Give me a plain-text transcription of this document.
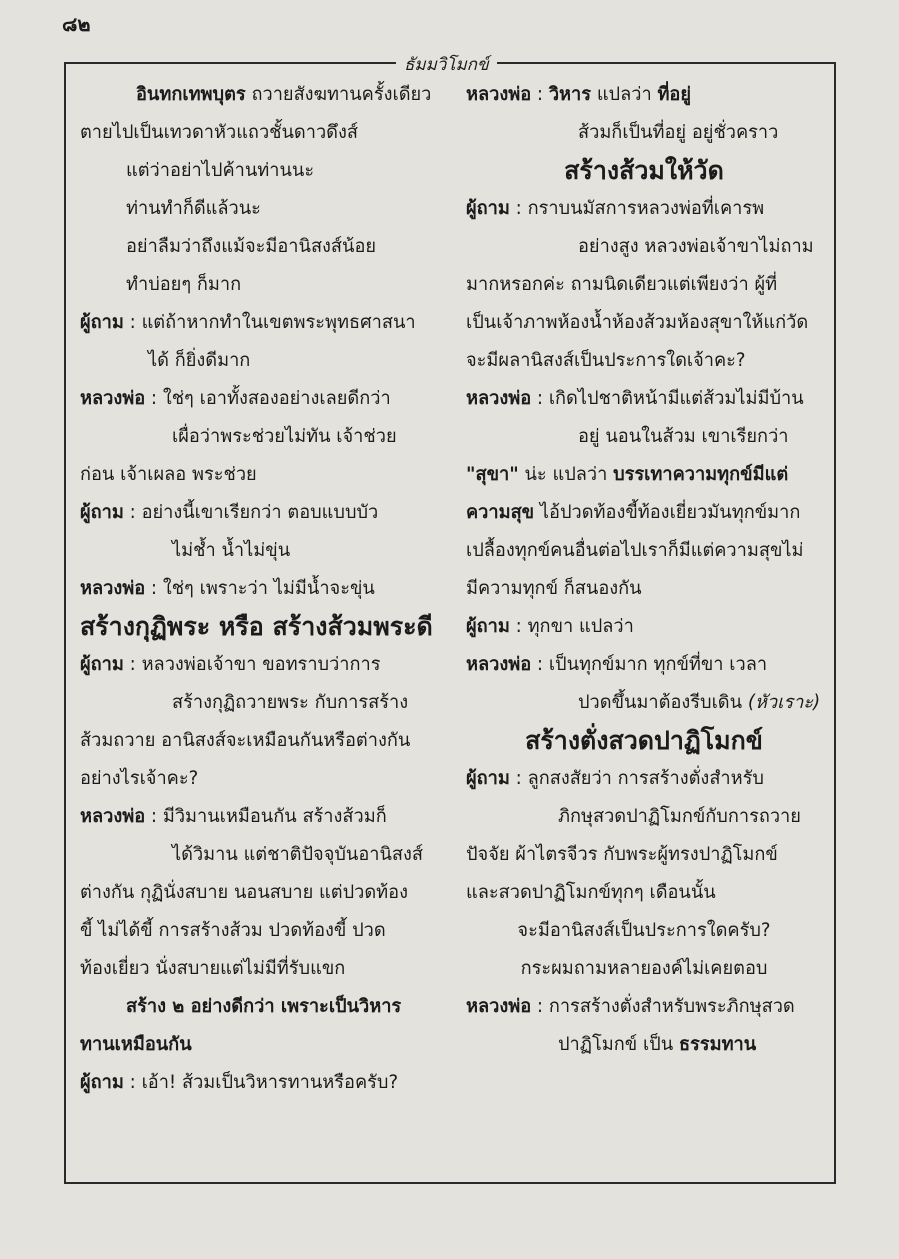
๘๒
ธัมมวิโมกข์

อินทกเทพบุตร ถวายสังฆทานครั้งเดียว

ตายไปเป็นเทวดาหัวแถวชั้นดาวดึงส์

แต่ว่าอย่าไปค้านท่านนะ

ท่านทำก็ดีแล้วนะ

อย่าลืมว่าถึงแม้จะมีอานิสงส์น้อย

ทำบ่อยๆ ก็มาก

ผู้ถาม : แต่ถ้าหากทำในเขตพระพุทธศาสนา

ได้ ก็ยิ่งดีมาก

หลวงพ่อ : ใช่ๆ เอาทั้งสองอย่างเลยดีกว่า

เผื่อว่าพระช่วยไม่ทัน เจ้าช่วย

ก่อน เจ้าเผลอ พระช่วย

ผู้ถาม : อย่างนี้เขาเรียกว่า ตอบแบบบัว

ไม่ช้ำ น้ำไม่ขุ่น

หลวงพ่อ : ใช่ๆ เพราะว่า ไม่มีน้ำจะขุ่น

สร้างกุฏิพระ หรือ สร้างส้วมพระดี

ผู้ถาม : หลวงพ่อเจ้าขา ขอทราบว่าการ

สร้างกุฏิถวายพระ กับการสร้าง

ส้วมถวาย อานิสงส์จะเหมือนกันหรือต่างกัน

อย่างไรเจ้าคะ?

หลวงพ่อ : มีวิมานเหมือนกัน สร้างส้วมก็

ได้วิมาน แต่ชาติปัจจุบันอานิสงส์

ต่างกัน กุฏินั่งสบาย นอนสบาย แต่ปวดท้อง

ขี้ ไม่ได้ขี้ การสร้างส้วม ปวดท้องขี้ ปวด

ท้องเยี่ยว นั่งสบายแต่ไม่มีที่รับแขก

สร้าง ๒ อย่างดีกว่า เพราะเป็นวิหาร

ทานเหมือนกัน

ผู้ถาม : เอ้า! ส้วมเป็นวิหารทานหรือครับ?

หลวงพ่อ : วิหาร แปลว่า ที่อยู่

ส้วมก็เป็นที่อยู่ อยู่ชั่วคราว

สร้างส้วมให้วัด

ผู้ถาม : กราบนมัสการหลวงพ่อที่เคารพ

อย่างสูง หลวงพ่อเจ้าขาไม่ถาม

มากหรอกค่ะ ถามนิดเดียวแต่เพียงว่า ผู้ที่

เป็นเจ้าภาพห้องน้ำห้องส้วมห้องสุขาให้แก่วัด

จะมีผลานิสงส์เป็นประการใดเจ้าคะ?

หลวงพ่อ : เกิดไปชาติหน้ามีแต่ส้วมไม่มีบ้าน

อยู่ นอนในส้วม เขาเรียกว่า

"สุขา" น่ะ แปลว่า บรรเทาความทุกข์มีแต่

ความสุข ไอ้ปวดท้องขี้ท้องเยี่ยวมันทุกข์มาก

เปลื้องทุกข์คนอื่นต่อไปเราก็มีแต่ความสุขไม่

มีความทุกข์ ก็สนองกัน

ผู้ถาม : ทุกขา แปลว่า

หลวงพ่อ : เป็นทุกข์มาก ทุกข์ที่ขา เวลา

ปวดขึ้นมาต้องรีบเดิน (หัวเราะ)

สร้างตั่งสวดปาฏิโมกข์

ผู้ถาม : ลูกสงสัยว่า การสร้างตั่งสำหรับ

ภิกษุสวดปาฏิโมกข์กับการถวาย

ปัจจัย ผ้าไตรจีวร กับพระผู้ทรงปาฏิโมกข์

และสวดปาฏิโมกข์ทุกๆ เดือนนั้น

จะมีอานิสงส์เป็นประการใดครับ?

กระผมถามหลายองค์ไม่เคยตอบ

หลวงพ่อ : การสร้างตั่งสำหรับพระภิกษุสวด

ปาฏิโมกข์ เป็น ธรรมทาน
